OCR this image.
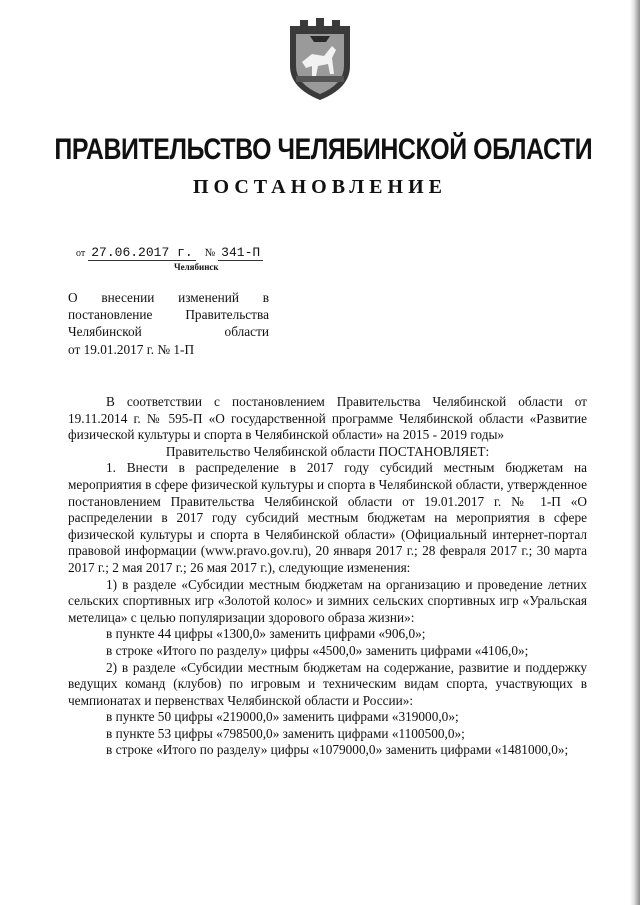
ПРАВИТЕЛЬСТВО ЧЕЛЯБИНСКОЙ ОБЛАСТИ
ПОСТАНОВЛЕНИЕ
от 27.06.2017 г. № 341-П
Челябинск
О внесении изменений в
постановление Правительства
Челябинской области
от 19.01.2017 г. № 1-П

В соответствии с постановлением Правительства Челябинской области от 19.11.2014 г. № 595-П «О государственной программе Челябинской области «Развитие физической культуры и спорта в Челябинской области» на 2015 - 2019 годы»

Правительство Челябинской области ПОСТАНОВЛЯЕТ:

1. Внести в распределение в 2017 году субсидий местным бюджетам на мероприятия в сфере физической культуры и спорта в Челябинской области, утвержденное постановлением Правительства Челябинской области от 19.01.2017 г. № 1-П «О распределении в 2017 году субсидий местным бюджетам на мероприятия в сфере физической культуры и спорта в Челябинской области» (Официальный интернет-портал правовой информации (www.pravo.gov.ru), 20 января 2017 г.; 28 февраля 2017 г.; 30 марта 2017 г.; 2 мая 2017 г.; 26 мая 2017 г.), следующие изменения:

1) в разделе «Субсидии местным бюджетам на организацию и проведение летних сельских спортивных игр «Золотой колос» и зимних сельских спортивных игр «Уральская метелица» с целью популяризации здорового образа жизни»:

в пункте 44 цифры «1300,0» заменить цифрами «906,0»;

в строке «Итого по разделу» цифры «4500,0» заменить цифрами «4106,0»;

2) в разделе «Субсидии местным бюджетам на содержание, развитие и поддержку ведущих команд (клубов) по игровым и техническим видам спорта, участвующих в чемпионатах и первенствах Челябинской области и России»:

в пункте 50 цифры «219000,0» заменить цифрами «319000,0»;

в пункте 53 цифры «798500,0» заменить цифрами «1100500,0»;

в строке «Итого по разделу» цифры «1079000,0» заменить цифрами «1481000,0»;
